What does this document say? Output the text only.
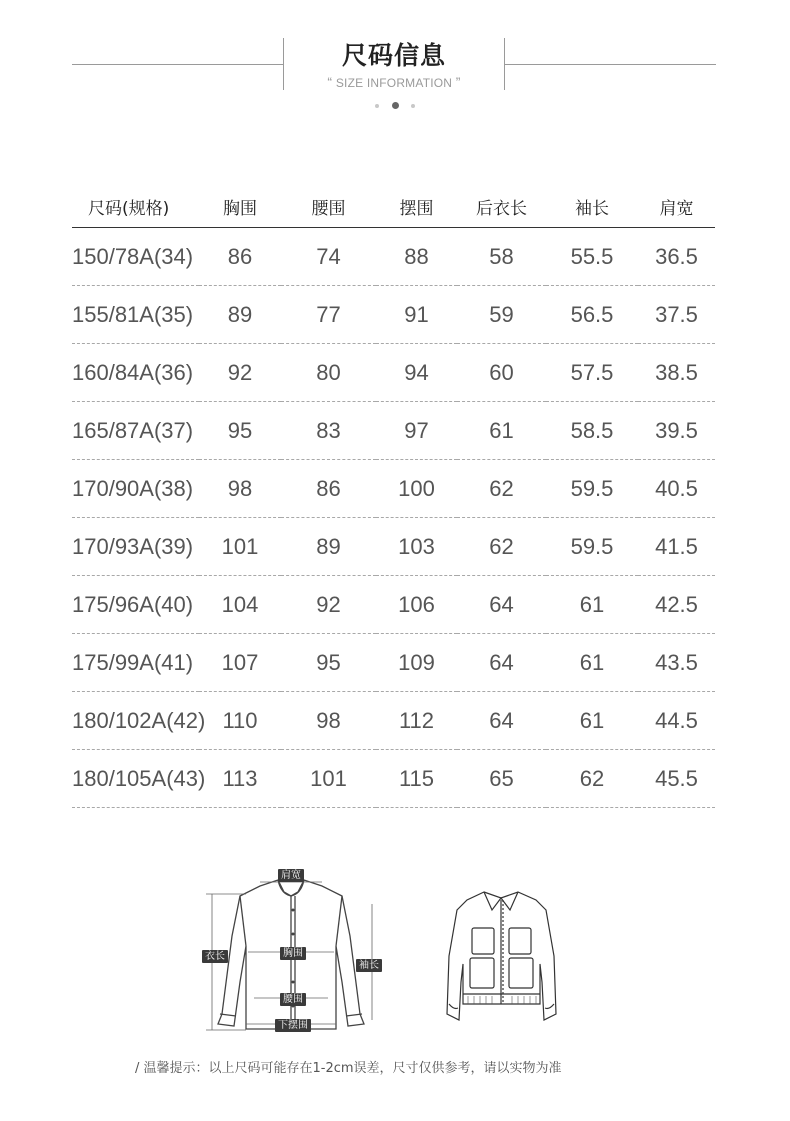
尺码信息
“ SIZE INFORMATION ”
尺码(规格)	胸围	腰围	摆围	后衣长	袖长	肩宽
150/78A(34)	86	74	88	58	55.5	36.5
155/81A(35)	89	77	91	59	56.5	37.5
160/84A(36)	92	80	94	60	57.5	38.5
165/87A(37)	95	83	97	61	58.5	39.5
170/90A(38)	98	86	100	62	59.5	40.5
170/93A(39)	101	89	103	62	59.5	41.5
175/96A(40)	104	92	106	64	61	42.5
175/99A(41)	107	95	109	64	61	43.5
180/102A(42)	110	98	112	64	61	44.5
180/105A(43)	113	101	115	65	62	45.5
肩宽
衣长	胸围
袖长
腰围
下摆围
/ 温馨提示：以上尺码可能存在1-2cm误差，尺寸仅供参考，请以实物为准
